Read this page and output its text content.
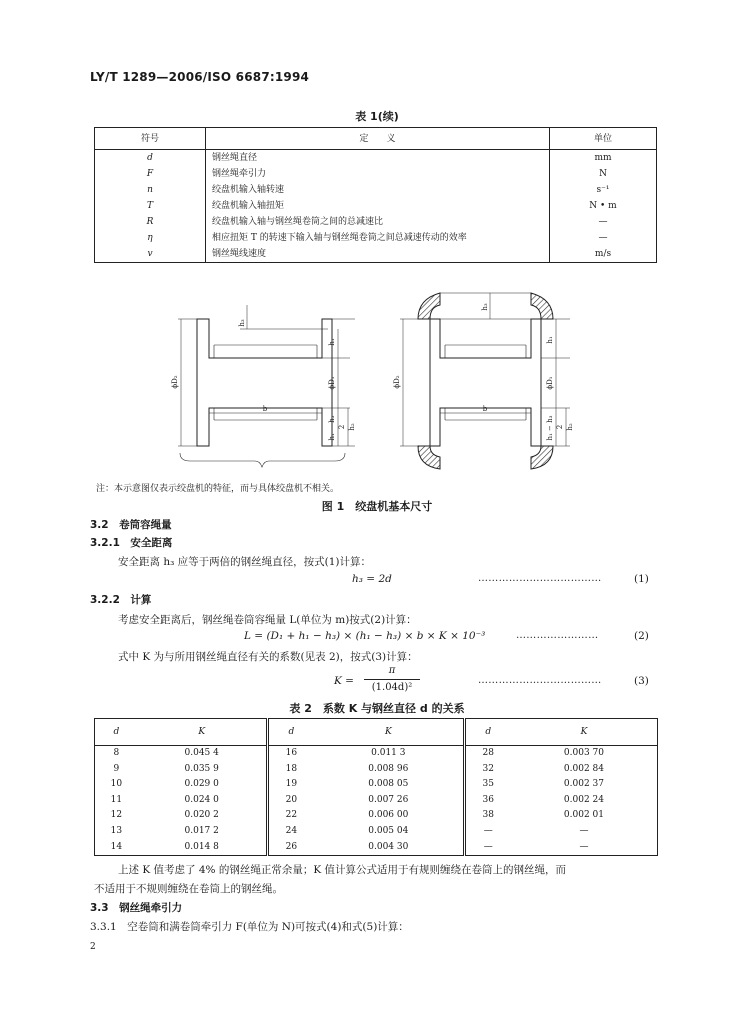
LY/T 1289—2006/ISO 6687:1994
表 1(续)
符号	定　　义	单位
d	钢丝绳直径	mm
F	钢丝绳牵引力	N
n	绞盘机输入轴转速	s⁻¹
T	绞盘机输入轴扭矩	N • m
R	绞盘机输入轴与钢丝绳卷筒之间的总减速比	—
η	相应扭矩 T 的转速下输入轴与钢丝绳卷筒之间总减速传动的效率	—
v	钢丝绳线速度	m/s
h₃
h₁
ϕD₁
ϕD₂
b
h₁ − h₃ 2 h₂
h₃
h₁
ϕD₁
ϕD₂
b
h₁ − h₃ 2 h₂
注：本示意图仅表示绞盘机的特征，而与具体绞盘机不相关。
图 1　绞盘机基本尺寸
3.2　卷筒容绳量
3.2.1　安全距离
安全距离 h₃ 应等于两倍的钢丝绳直径，按式(1)计算：
h₃ = 2d	………………………………	(1)
3.2.2　计算
考虑安全距离后，钢丝绳卷筒容绳量 L(单位为 m)按式(2)计算：
L = (D₁ + h₁ − h₃) × (h₁ − h₃) × b × K × 10⁻³	……………………	(2)
式中 K 为与所用钢丝绳直径有关的系数(见表 2)，按式(3)计算：
K =
π
(1.04d)²
………………………………	(3)
表 2　系数 K 与钢丝直径 d 的关系
d	K	d	K	d	K
8	0.045 4	16	0.011 3	28	0.003 70
9	0.035 9	18	0.008 96	32	0.002 84
10	0.029 0	19	0.008 05	35	0.002 37
11	0.024 0	20	0.007 26	36	0.002 24
12	0.020 2	22	0.006 00	38	0.002 01
13	0.017 2	24	0.005 04	—	—
14	0.014 8	26	0.004 30	—	—
上述 K 值考虑了 4% 的钢丝绳正常余量；K 值计算公式适用于有规则缠绕在卷筒上的钢丝绳，而
不适用于不规则缠绕在卷筒上的钢丝绳。
3.3　钢丝绳牵引力
3.3.1　空卷筒和满卷筒牵引力 F(单位为 N)可按式(4)和式(5)计算：
2
